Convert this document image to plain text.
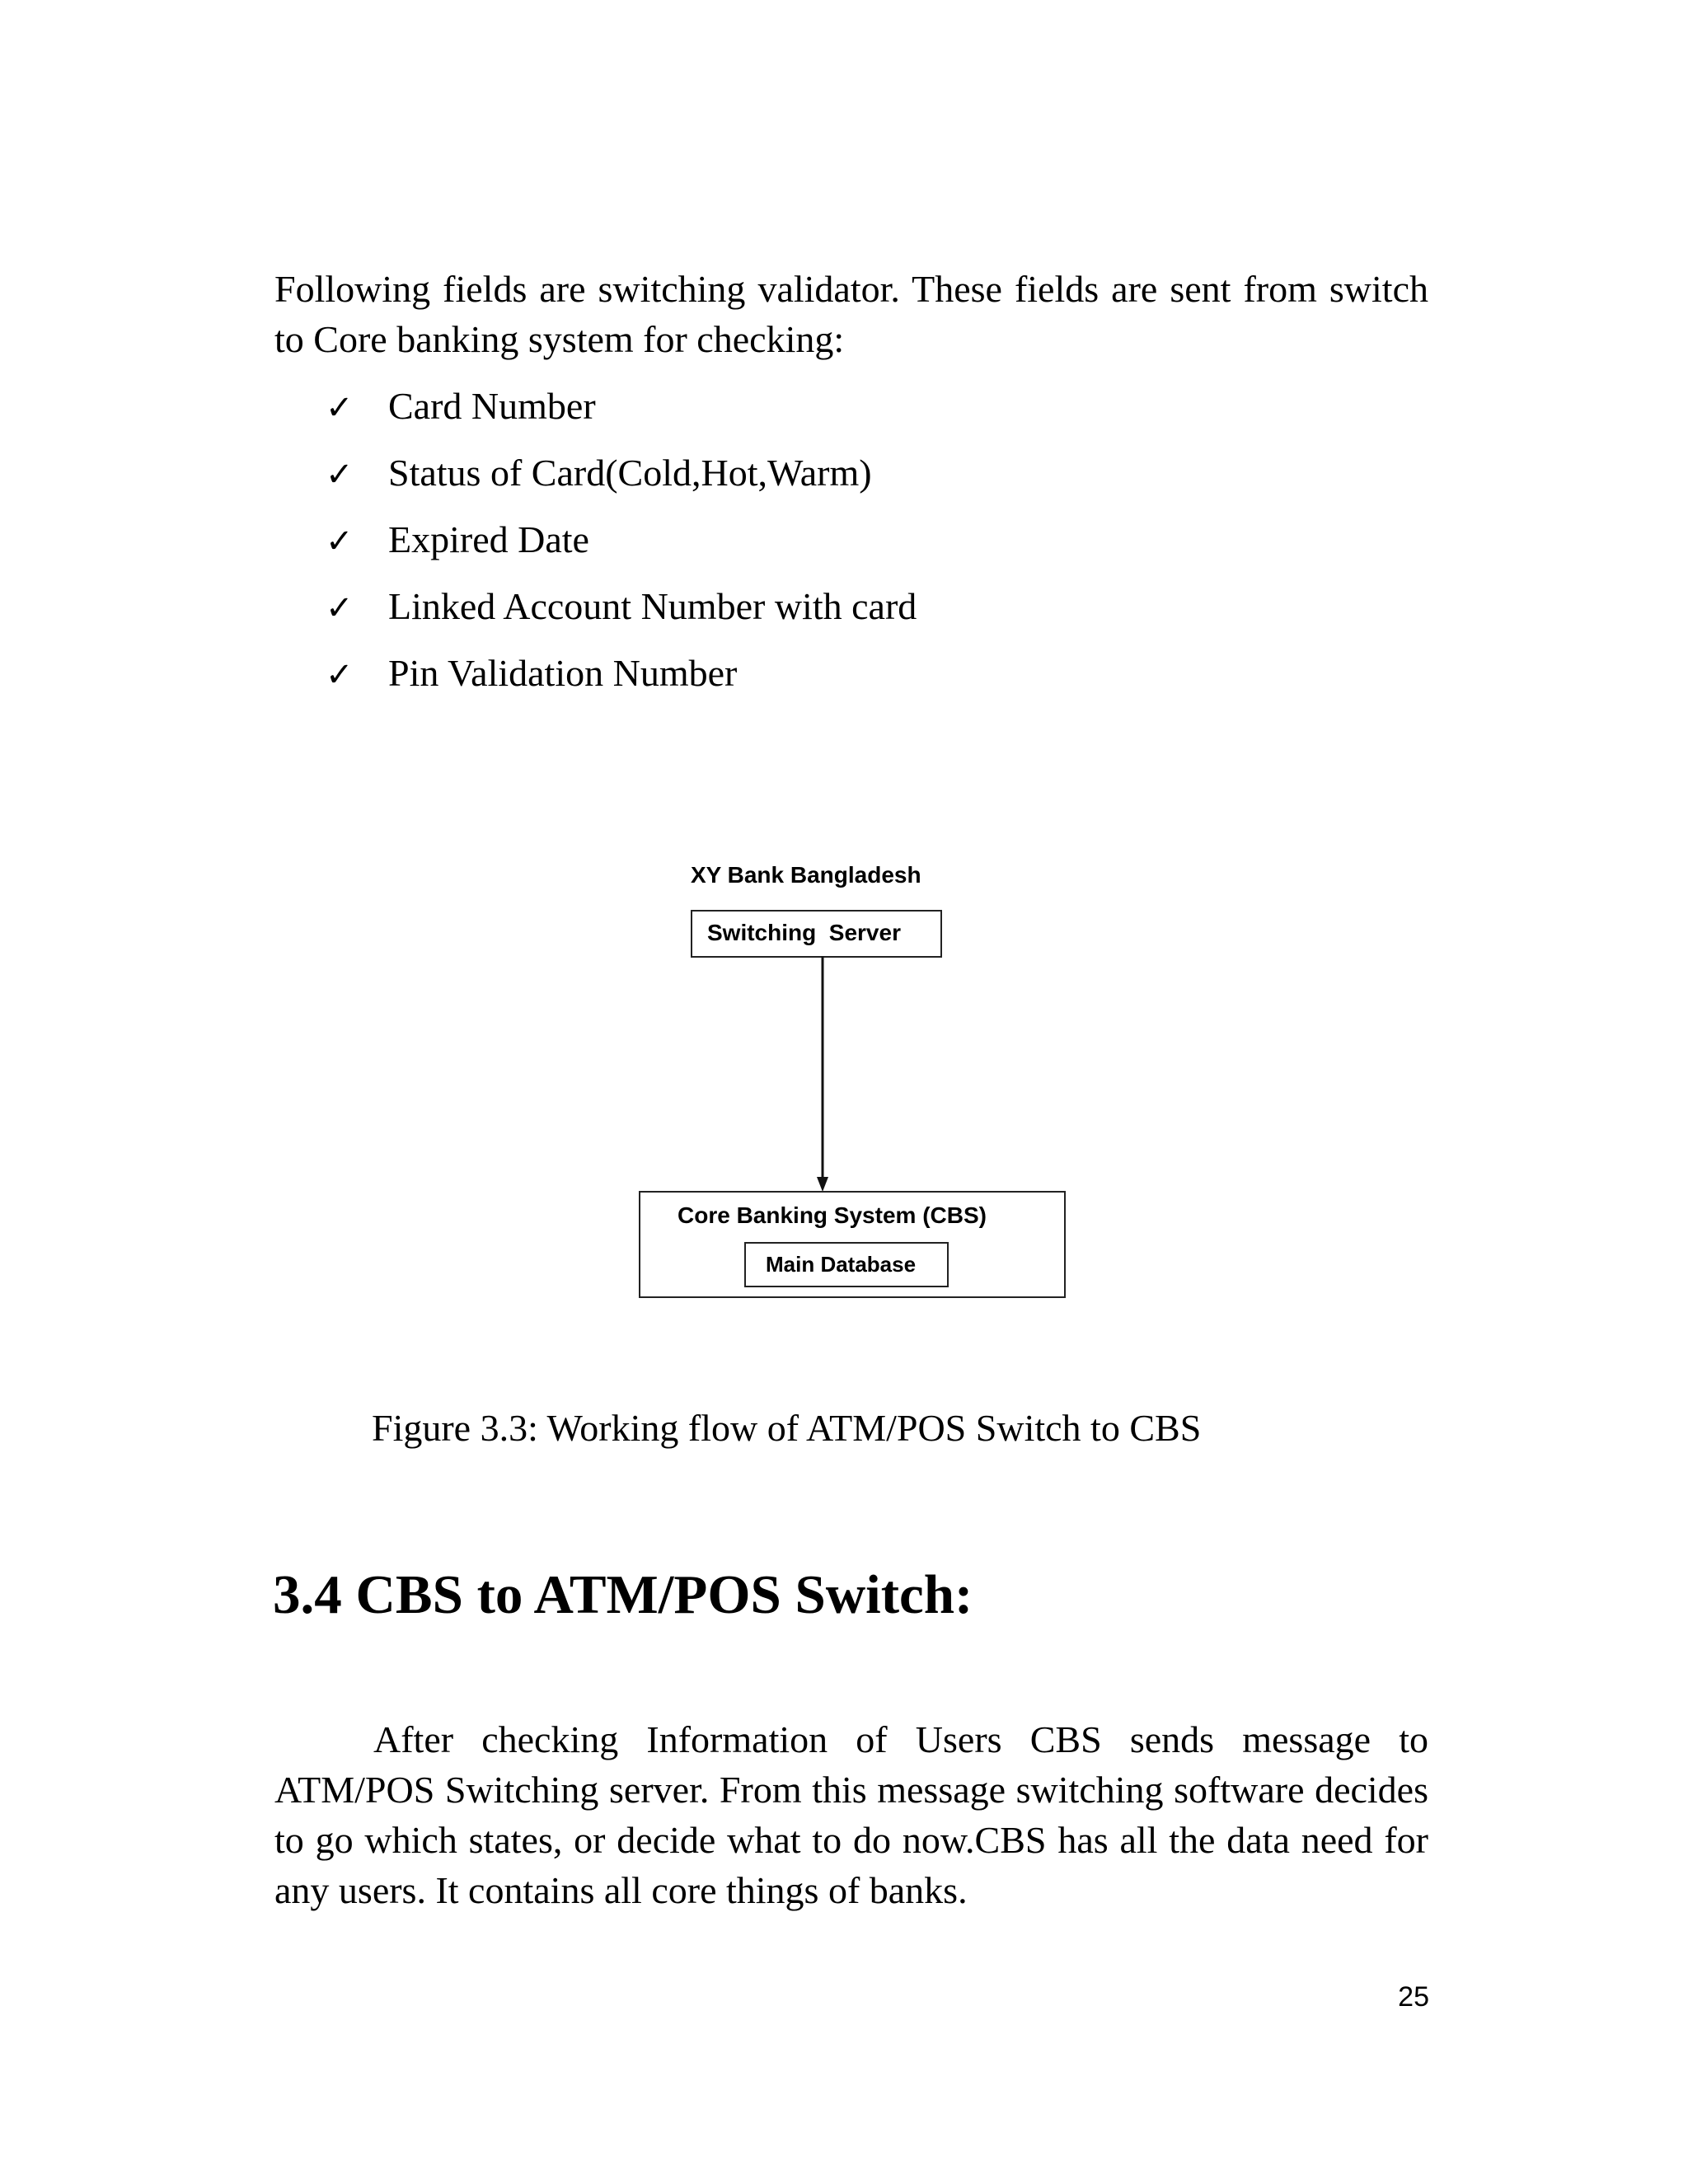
Following fields are switching validator. These fields are sent from switch to Core banking system for checking:

✓ Card Number
✓ Status of Card(Cold,Hot,Warm)
✓ Expired Date
✓ Linked Account Number with card
✓ Pin Validation Number
XY Bank Bangladesh
Switching  Server
Core Banking System (CBS)
Main Database

Figure 3.3: Working flow of ATM/POS Switch to CBS

3.4 CBS to ATM/POS Switch:

After checking Information of Users CBS sends message to ATM/POS Switching server. From this message switching software decides to go which states, or decide what to do now.CBS has all the data need for any users. It contains all core things of banks.

25
